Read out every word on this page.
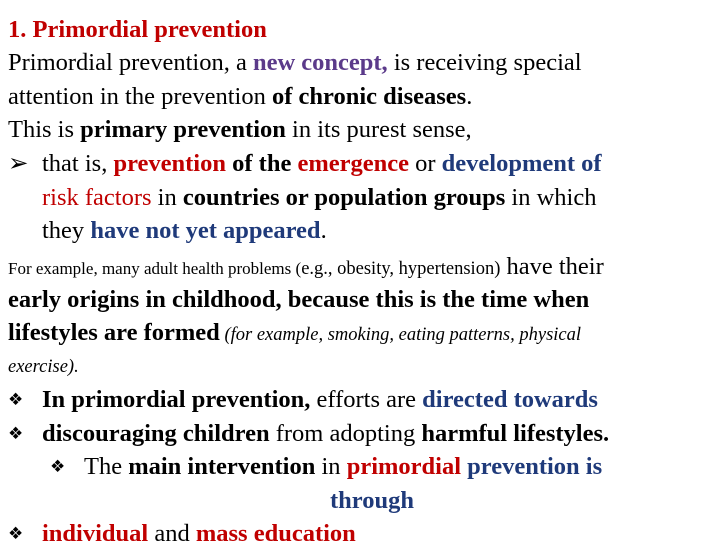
1. Primordial prevention
Primordial prevention, a new concept, is receiving special
attention in the prevention of chronic diseases.
This is primary prevention in its purest sense,
➢ that is, prevention of the emergence or development of
risk factors in countries or population groups in which
they have not yet appeared.
For example, many adult health problems (e.g., obesity, hypertension) have their
early origins in childhood, because this is the time when
lifestyles are formed (for example, smoking, eating patterns, physical
exercise).
❖ In primordial prevention, efforts are directed towards
❖ discouraging children from adopting harmful lifestyles.
❖ The main intervention in primordial prevention is
through
❖ individual and mass education
